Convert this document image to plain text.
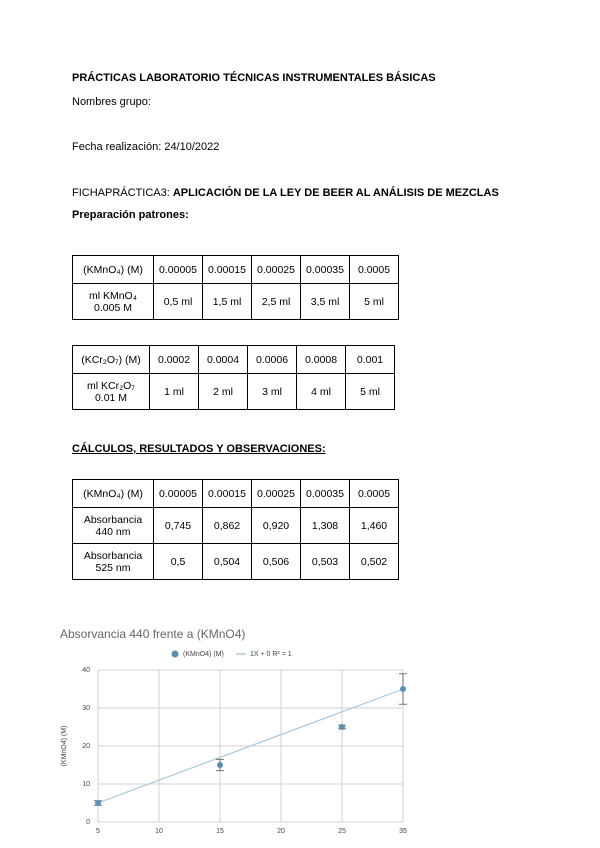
PRÁCTICAS LABORATORIO TÉCNICAS INSTRUMENTALES BÁSICAS
Nombres grupo:
Fecha realización: 24/10/2022
FICHAPRÁCTICA3: APLICACIÓN DE LA LEY DE BEER AL ANÁLISIS DE MEZCLAS
Preparación patrones:
(KMnO₄) (M)	0.00005	0.00015	0.00025	0.00035	0.0005

ml KMnO₄
0.005 M	0,5 ml	1,5 ml	2,5 ml	3,5 ml	5 ml
(KCr₂O₇) (M)	0.0002	0.0004	0.0006	0.0008	0.001

ml KCr₂O₇
0.01 M	1 ml	2 ml	3 ml	4 ml	5 ml
CÁLCULOS, RESULTADOS Y OBSERVACIONES:
(KMnO₄) (M)	0.00005	0.00015	0.00025	0.00035	0.0005

Absorbancia
440 nm	0,745	0,862	0,920	1,308	1,460

Absorbancia
525 nm	0,5	0,504	0,506	0,503	0,502
Absorvancia 440 frente a (KMnO4)
0
10
20
30
40
5	10	15	20	25	35
(KMnO4) (M)
(KMnO4) (M)	1X + 0 R² = 1
